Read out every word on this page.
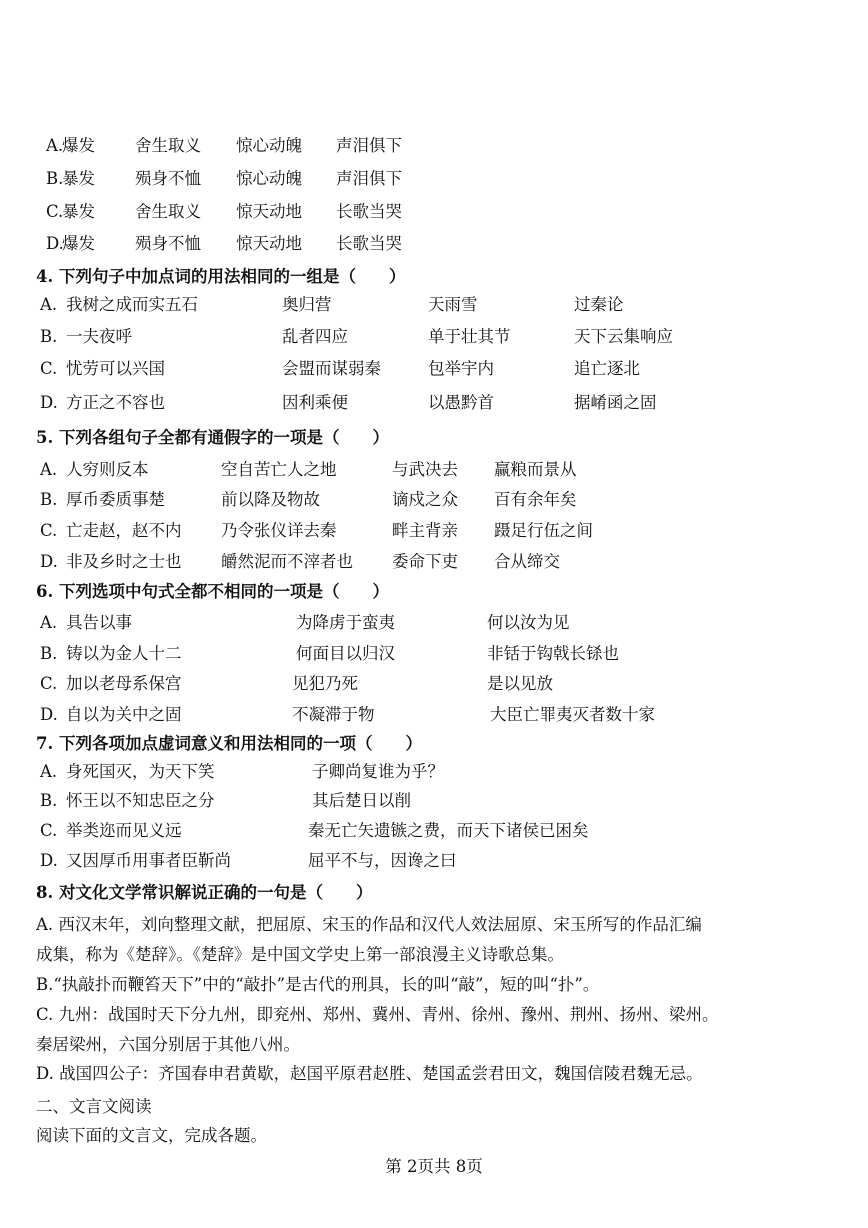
A.
爆发 舍生取义 惊心动魄 声泪俱下
B.
暴发 殒身不恤 惊心动魄 声泪俱下
C.
暴发 舍生取义 惊天动地 长歌当哭
D.
爆发 殒身不恤 惊天动地 长歌当哭
4. 下列句子中加点词的用法相同的一组是（　　）
A. 我树之成而实五石	奥归营	天雨雪	过秦论
B. 一夫夜呼	乱者四应	单于壮其节	天下云集响应
C. 忧劳可以兴国	会盟而谋弱秦	包举宇内	追亡逐北
D. 方正之不容也	因利乘便	以愚黔首	据崤函之固
5. 下列各组句子全都有通假字的一项是（　　）
A. 人穷则反本	空自苦亡人之地	与武决去 赢粮而景从
B. 厚币委质事楚	前以降及物故	谪戍之众 百有余年矣
C. 亡走赵，赵不内 乃令张仪详去秦	畔主背亲 蹑足行伍之间
D. 非及乡时之士也 皭然泥而不滓者也 委命下吏 合从缔交
6. 下列选项中句式全都不相同的一项是（　　）
A. 具告以事	为降虏于蛮夷	何以汝为见
B. 铸以为金人十二	何面目以归汉	非铦于钩戟长铩也
C. 加以老母系保宫	见犯乃死	是以见放
D. 自以为关中之固	不凝滞于物	大臣亡罪夷灭者数十家
7. 下列各项加点虚词意义和用法相同的一项（　　）
A. 身死国灭，为天下笑	子卿尚复谁为乎？
B. 怀王以不知忠臣之分	其后楚日以削
C. 举类迩而见义远	秦无亡矢遗镞之费，而天下诸侯已困矣
D. 又因厚币用事者臣靳尚	屈平不与，因谗之曰
8. 对文化文学常识解说正确的一句是（　　）
A. 西汉末年，刘向整理文献，把屈原、宋玉的作品和汉代人效法屈原、宋玉所写的作品汇编
成集，称为《楚辞》。《楚辞》是中国文学史上第一部浪漫主义诗歌总集。
B.“执敲扑而鞭笞天下”中的“敲扑”是古代的刑具，长的叫“敲”，短的叫“扑”。
C. 九州：战国时天下分九州，即兖州、郑州、冀州、青州、徐州、豫州、荆州、扬州、梁州。
秦居梁州，六国分别居于其他八州。
D. 战国四公子：齐国春申君黄歇，赵国平原君赵胜、楚国孟尝君田文，魏国信陵君魏无忌。
二、文言文阅读
阅读下面的文言文，完成各题。
第 2页共 8页
